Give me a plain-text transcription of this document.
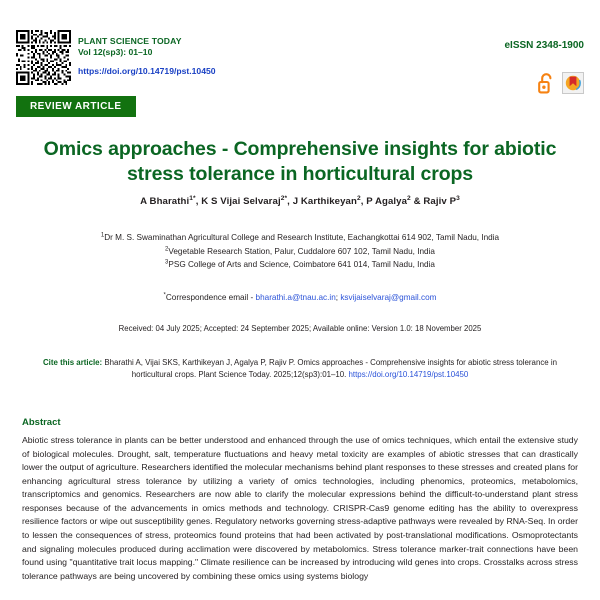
PLANT SCIENCE TODAY
Vol 12(sp3): 01–10
https://doi.org/10.14719/pst.10450
eISSN 2348-1900
REVIEW ARTICLE
Omics approaches - Comprehensive insights for abiotic stress tolerance in horticultural crops
A Bharathi$^{1*}$, K S Vijai Selvaraj$^{2*}$, J Karthikeyan$^2$, P Agalya$^2$ & Rajiv $P^3$
$^1$Dr M. S. Swaminathan Agricultural College and Research Institute, Eachangkottai 614 902, Tamil Nadu, India
$^2$Vegetable Research Station, Palur, Cuddalore 607 102, Tamil Nadu, India
$^3$PSG College of Arts and Science, Coimbatore 641 014, Tamil Nadu, India
*Correspondence email - bharathi.a@tnau.ac.in; ksvijaiselvaraj@gmail.com
Received: 04 July 2025; Accepted: 24 September 2025; Available online: Version 1.0: 18 November 2025
Cite this article: Bharathi A, Vijai SKS, Karthikeyan J, Agalya P, Rajiv P. Omics approaches - Comprehensive insights for abiotic stress tolerance in horticultural crops. Plant Science Today. 2025;12(sp3):01–10. https://doi.org/10.14719/pst.10450
Abstract
Abiotic stress tolerance in plants can be better understood and enhanced through the use of omics techniques, which entail the extensive study of biological molecules. Drought, salt, temperature fluctuations and heavy metal toxicity are examples of abiotic stresses that can drastically lower the output of agriculture. Researchers identified the molecular mechanisms behind plant responses to these stresses and created plans for enhancing agricultural stress tolerance by utilizing a variety of omics technologies, including phenomics, proteomics, metabolomics, transcriptomics and genomics. Researchers are now able to clarify the molecular expressions behind the difficult-to-understand plant stress responses because of the advancements in omics methods and technology. CRISPR-Cas9 genome editing has the ability to overexpress resilience factors or wipe out susceptibility genes. Regulatory networks governing stress-adaptive pathways were revealed by RNA-Seq. In order to lessen the consequences of stress, proteomics found proteins that had been activated by post-translational modifications. Osmoprotectants and signaling molecules produced during acclimation were discovered by metabolomics. Stress tolerance marker-trait connections have been found using "quantitative trait locus mapping." Climate resilience can be increased by introducing wild genes into crops. Crosstalks across stress tolerance pathways are being uncovered by combining these omics using systems biology
